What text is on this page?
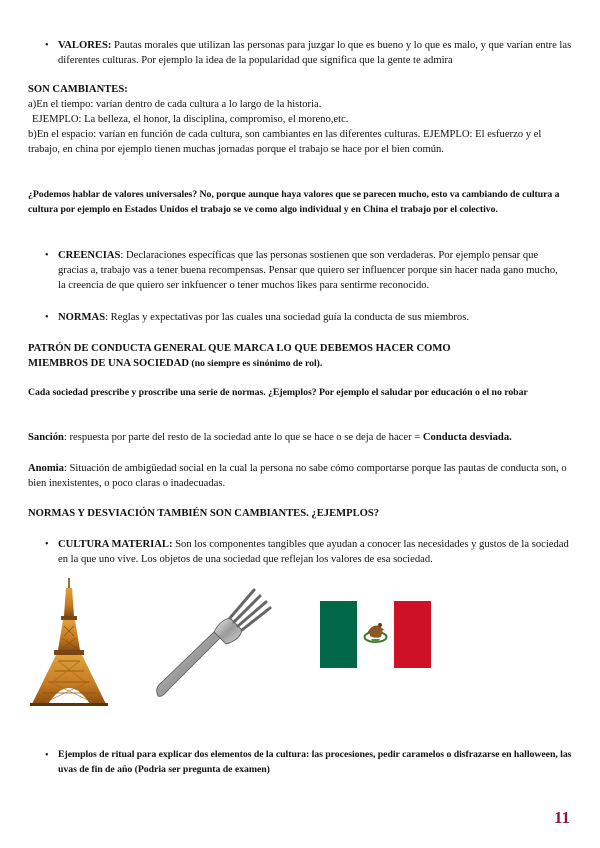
• VALORES: Pautas morales que utilizan las personas para juzgar lo que es bueno y lo que es malo, y que varían entre las diferentes culturas. Por ejemplo la idea de la popularidad que significa que la gente te admira
SON CAMBIANTES:
a)En el tiempo: varían dentro de cada cultura a lo largo de la historia.
EJEMPLO: La belleza, el honor, la disciplina, compromiso, el moreno,etc.
b)En el espacio: varían en función de cada cultura, son cambiantes en las diferentes culturas. EJEMPLO: El esfuerzo y el trabajo, en china por ejemplo tienen muchas jornadas porque el trabajo se hace por el bien común.
¿Podemos hablar de valores universales? No, porque aunque haya valores que se parecen mucho, esto va cambiando de cultura a cultura por ejemplo en Estados Unidos el trabajo se ve como algo individual y en China el trabajo por el colectivo.
• CREENCIAS: Declaraciones específicas que las personas sostienen que son verdaderas. Por ejemplo pensar que gracias a, trabajo vas a tener buena recompensas. Pensar que quiero ser influencer porque sin hacer nada gano mucho, la creencia de que quiero ser inkfuencer o tener muchos likes para sentirme reconocido.
• NORMAS: Reglas y expectativas por las cuales una sociedad guía la conducta de sus miembros.
PATRÓN DE CONDUCTA GENERAL QUE MARCA LO QUE DEBEMOS HACER COMO MIEMBROS DE UNA SOCIEDAD (no siempre es sinónimo de rol).
Cada sociedad prescribe y proscribe una serie de normas. ¿Ejemplos? Por ejemplo el saludar por educación o el no robar
Sanción: respuesta por parte del resto de la sociedad ante lo que se hace o se deja de hacer = Conducta desviada.
Anomia: Situación de ambigüedad social en la cual la persona no sabe cómo comportarse porque las pautas de conducta son, o bien inexistentes, o poco claras o inadecuadas.
NORMAS Y DESVIACIÓN TAMBIÉN SON CAMBIANTES. ¿EJEMPLOS?
• CULTURA MATERIAL: Son los componentes tangibles que ayudan a conocer las necesidades y gustos de la sociedad en la que uno vive. Los objetos de una sociedad que reflejan los valores de esa sociedad.
• Ejemplos de ritual para explicar dos elementos de la cultura: las procesiones, pedir caramelos o disfrazarse en halloween, las uvas de fin de año (Podria ser pregunta de examen)
11
